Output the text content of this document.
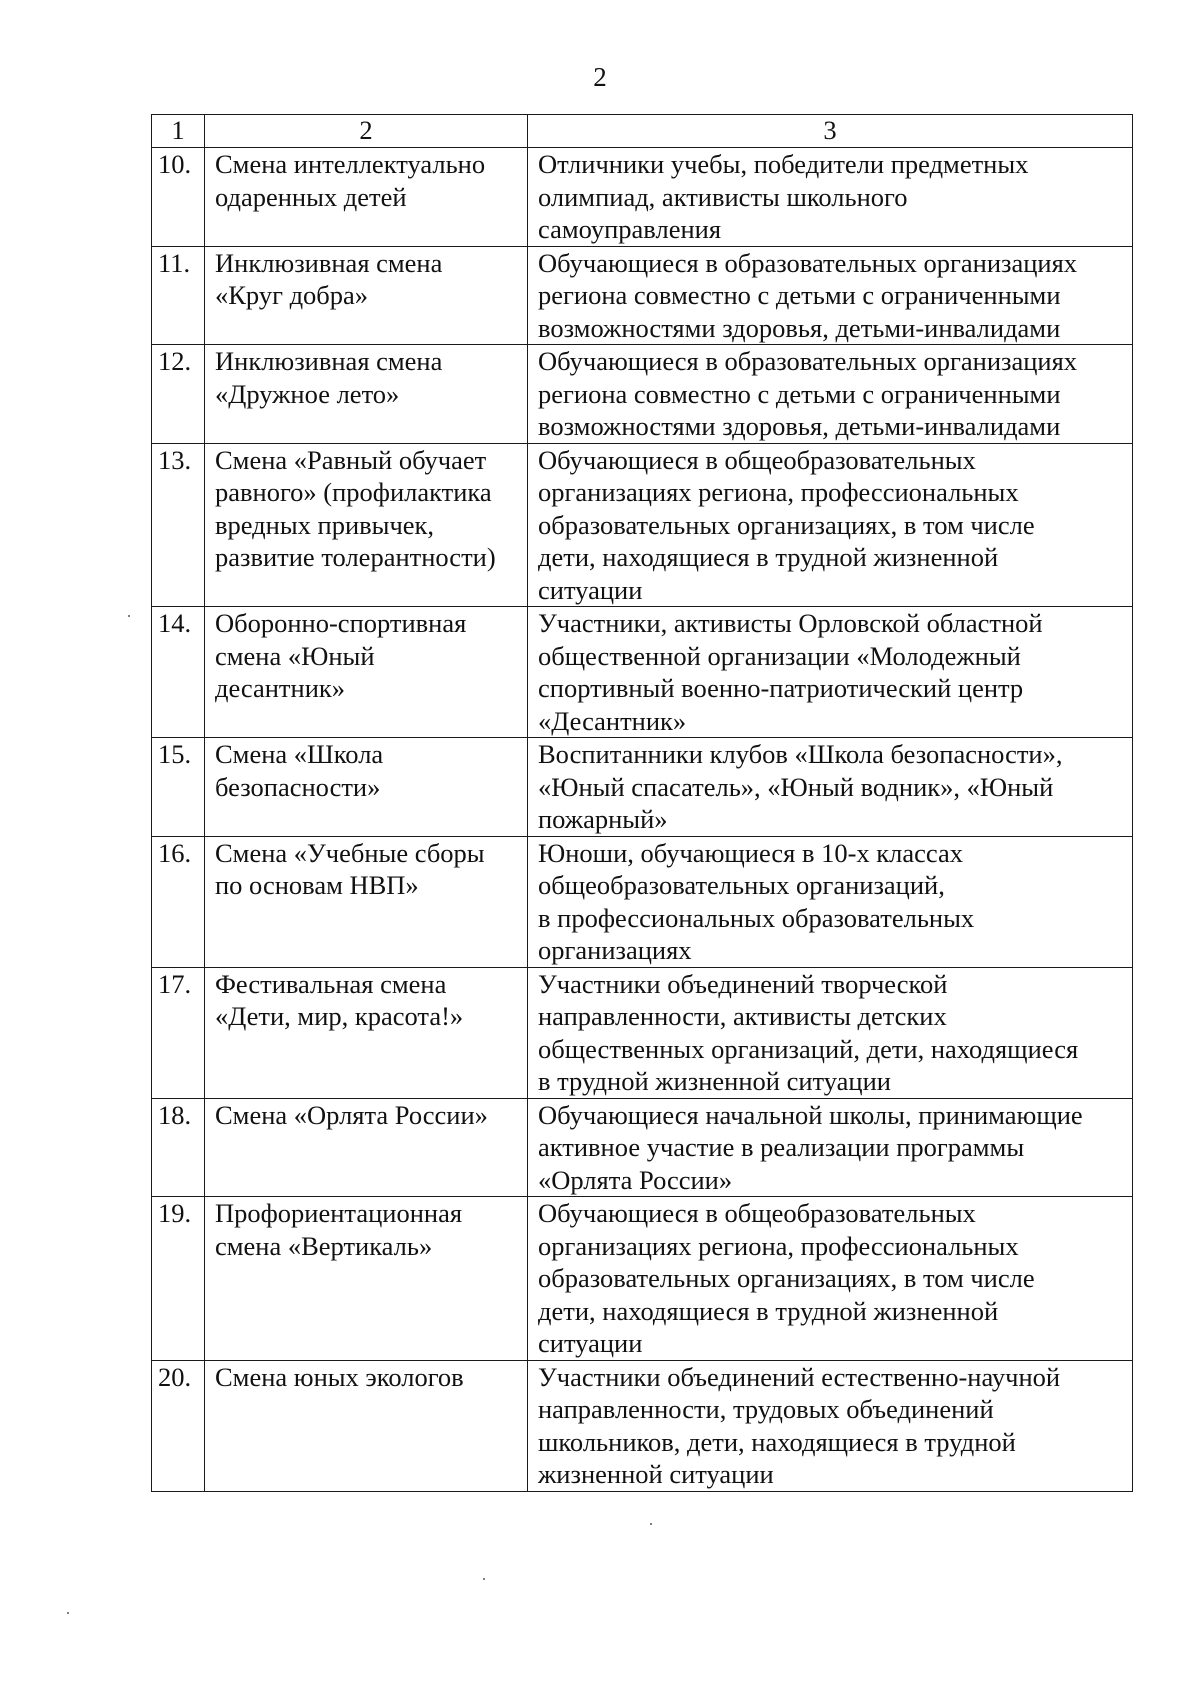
2
1	2	3
10.	Смена интеллектуально
одаренных детей	Отличники учебы, победители предметных
олимпиад, активисты школьного
самоуправления
11.	Инклюзивная смена
«Круг добра»	Обучающиеся в образовательных организациях
региона совместно с детьми с ограниченными
возможностями здоровья, детьми-инвалидами
12.	Инклюзивная смена
«Дружное лето»	Обучающиеся в образовательных организациях
региона совместно с детьми с ограниченными
возможностями здоровья, детьми-инвалидами
13.	Смена «Равный обучает
равного» (профилактика
вредных привычек,
развитие толерантности)	Обучающиеся в общеобразовательных
организациях региона, профессиональных
образовательных организациях, в том числе
дети, находящиеся в трудной жизненной
ситуации
14.	Оборонно-спортивная
смена «Юный
десантник»	Участники, активисты Орловской областной
общественной организации «Молодежный
спортивный военно-патриотический центр
«Десантник»
15.	Смена «Школа
безопасности»	Воспитанники клубов «Школа безопасности»,
«Юный спасатель», «Юный водник», «Юный
пожарный»
16.	Смена «Учебные сборы
по основам НВП»	Юноши, обучающиеся в 10-х классах
общеобразовательных организаций,
в профессиональных образовательных
организациях
17.	Фестивальная смена
«Дети, мир, красота!»	Участники объединений творческой
направленности, активисты детских
общественных организаций, дети, находящиеся
в трудной жизненной ситуации
18.	Смена «Орлята России»	Обучающиеся начальной школы, принимающие
активное участие в реализации программы
«Орлята России»
19.	Профориентационная
смена «Вертикаль»	Обучающиеся в общеобразовательных
организациях региона, профессиональных
образовательных организациях, в том числе
дети, находящиеся в трудной жизненной
ситуации
20.	Смена юных экологов	Участники объединений естественно-научной
направленности, трудовых объединений
школьников, дети, находящиеся в трудной
жизненной ситуации
